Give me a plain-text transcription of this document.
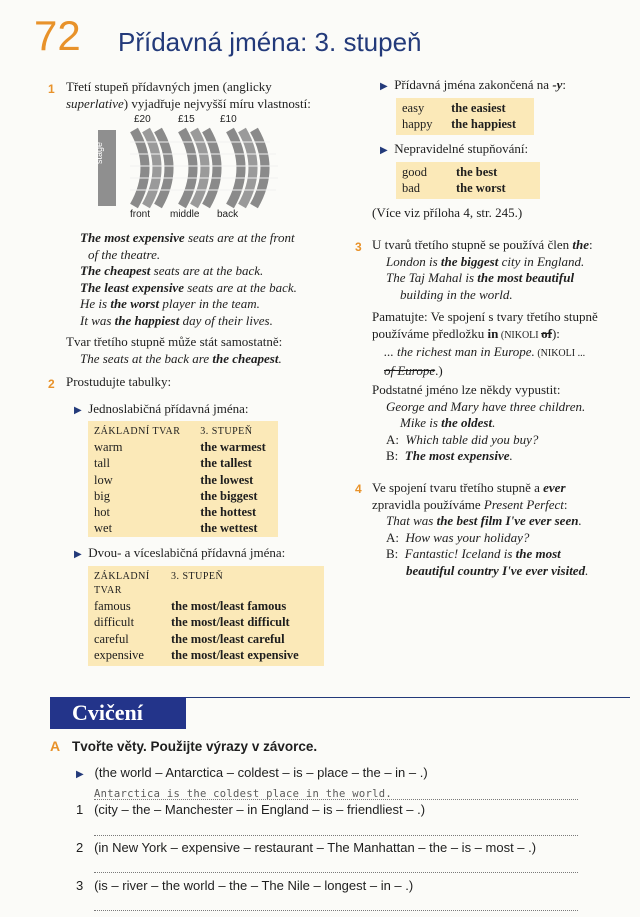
72 Přídavná jména: 3. stupeň
1 Třetí stupeň přídavných jmen (anglicky
superlative) vyjadřuje nejvyšší míru vlastností:
£20	£15	£10
stage
front middle back
The most expensive seats are at the front
of the theatre.
The cheapest seats are at the back.
The least expensive seats are at the back.
He is the worst player in the team.
It was the happiest day of their lives.
Tvar třetího stupně může stát samostatně:
The seats at the back are the cheapest.
2 Prostudujte tabulky:
▶ Jednoslabičná přídavná jména:
ZÁKLADNÍ TVAR	3. STUPEŇ
warm	the warmest
tall	the tallest
low	the lowest
big	the biggest
hot	the hottest
wet	the wettest
▶ Dvou- a víceslabičná přídavná jména:
ZÁKLADNÍ	3. STUPEŇ
TVAR	
famous	the most/least famous
difficult	the most/least difficult
careful	the most/least careful
expensive	the most/least expensive
▶ Přídavná jména zakončená na -y:
easy	the easiest
happy	the happiest
▶ Nepravidelné stupňování:
good	the best
bad	the worst
(Více viz příloha 4, str. 245.)
3 U tvarů třetího stupně se používá člen the:
London is the biggest city in England.
The Taj Mahal is the most beautiful
building in the world.
Pamatujte: Ve spojení s tvary třetího stupně
používáme předložku in (NIKOLI of):
... the richest man in Europe. (NIKOLI ...
of Europe.)
Podstatné jméno lze někdy vypustit:
George and Mary have three children.
Mike is the oldest.
A: Which table did you buy?
B: The most expensive.
4 Ve spojení tvaru třetího stupně a ever
zpravidla používáme Present Perfect:
That was the best film I've ever seen.
A: How was your holiday?
B: Fantastic! Iceland is the most
beautiful country I've ever visited.
Cvičení
A Tvořte věty. Použijte výrazy v závorce.
▶ (the world – Antarctica – coldest – is – place – the – in – .)
Antarctica is the coldest place in the world.
1 (city – the – Manchester – in England – is – friendliest – .)
2 (in New York – expensive – restaurant – The Manhattan – the – is – most – .)
3 (is – river – the world – the – The Nile – longest – in – .)
